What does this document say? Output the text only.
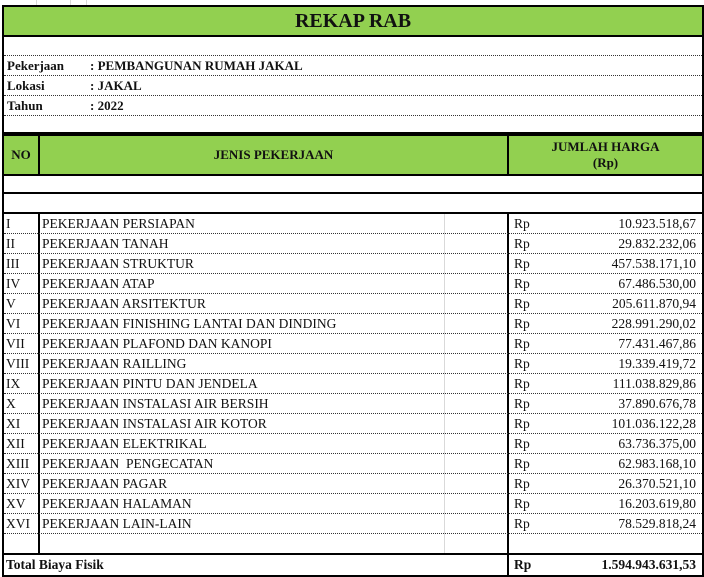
REKAP RAB
Pekerjaan : PEMBANGUNAN RUMAH JAKAL
Lokasi	: JAKAL
Tahun	: 2022
NO	JENIS PEKERJAAN
JUMLAH HARGA
(Rp)
I PEKERJAAN PERSIAPAN	Rp	10.923.518,67
II PEKERJAAN TANAH	Rp	29.832.232,06
III PEKERJAAN STRUKTUR	Rp	457.538.171,10
IV PEKERJAAN ATAP	Rp	67.486.530,00
V PEKERJAAN ARSITEKTUR	Rp	205.611.870,94
VI PEKERJAAN FINISHING LANTAI DAN DINDING	Rp	228.991.290,02
VII PEKERJAAN PLAFOND DAN KANOPI	Rp	77.431.467,86
VIII PEKERJAAN RAILLING	Rp	19.339.419,72
IX PEKERJAAN PINTU DAN JENDELA	Rp	111.038.829,86
X PEKERJAAN INSTALASI AIR BERSIH	Rp	37.890.676,78
XI PEKERJAAN INSTALASI AIR KOTOR	Rp	101.036.122,28
XII PEKERJAAN ELEKTRIKAL	Rp	63.736.375,00
XIII PEKERJAAN  PENGECATAN	Rp	62.983.168,10
XIV PEKERJAAN PAGAR	Rp	26.370.521,10
XV PEKERJAAN HALAMAN	Rp	16.203.619,80
XVI PEKERJAAN LAIN-LAIN	Rp	78.529.818,24
Total Biaya Fisik	Rp	1.594.943.631,53
